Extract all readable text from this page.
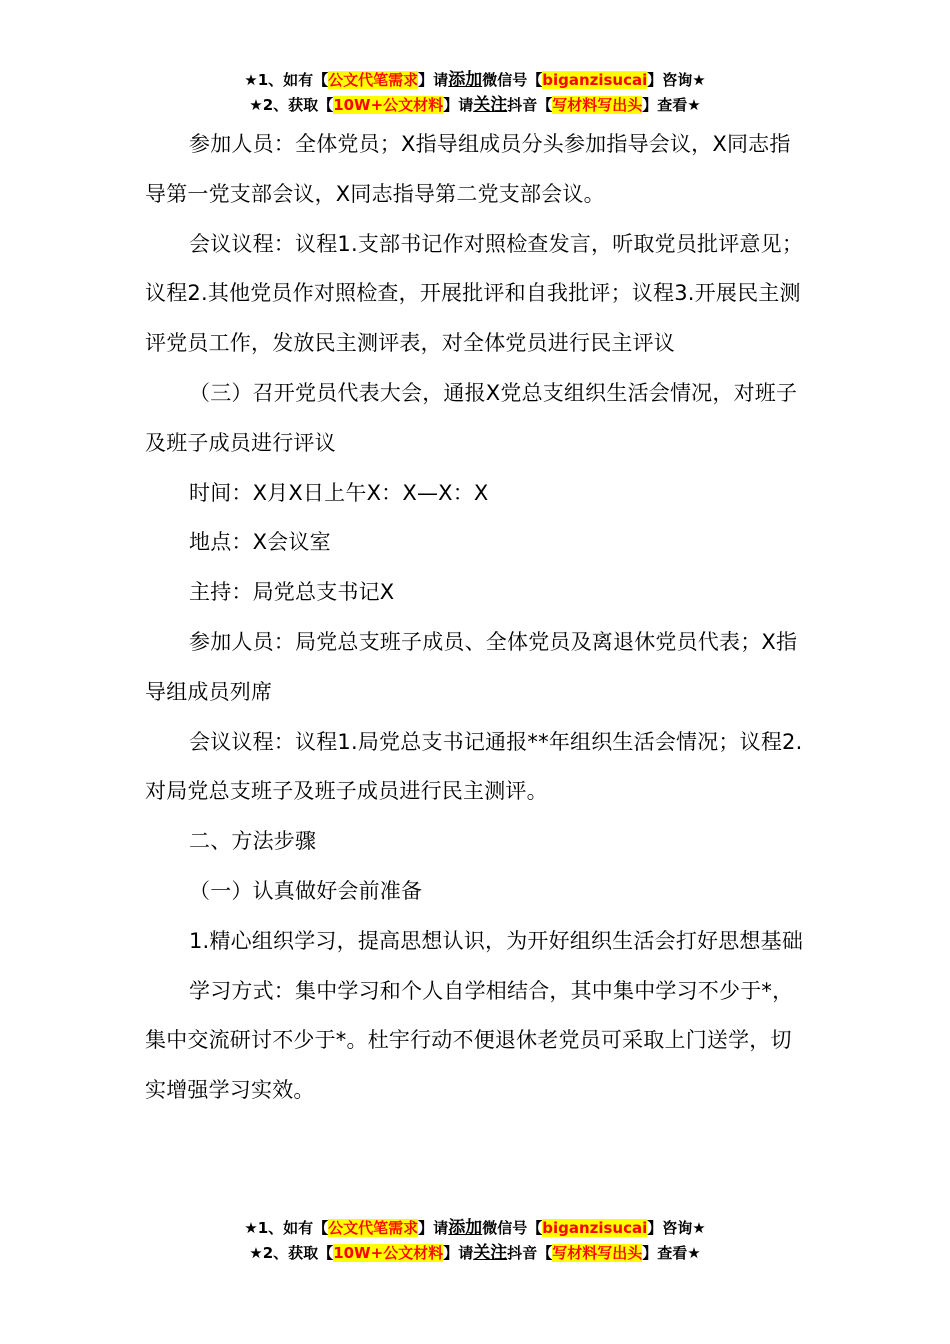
★1、如有【公文代笔需求】请添加微信号【biganzisucai】咨询★
★2、获取【10W+公文材料】请关注抖音【写材料写出头】查看★

参加人员：全体党员；X指导组成员分头参加指导会议，X同志指导第一党支部会议，X同志指导第二党支部会议。

会议议程：议程1.支部书记作对照检查发言，听取党员批评意见；议程2.其他党员作对照检查，开展批评和自我批评；议程3.开展民主测评党员工作，发放民主测评表，对全体党员进行民主评议

（三）召开党员代表大会，通报X党总支组织生活会情况，对班子及班子成员进行评议

时间：X月X日上午X：X—X：X

地点：X会议室

主持：局党总支书记X

参加人员：局党总支班子成员、全体党员及离退休党员代表；X指导组成员列席

会议议程：议程1.局党总支书记通报**年组织生活会情况；议程2.对局党总支班子及班子成员进行民主测评。

二、方法步骤

（一）认真做好会前准备

1.精心组织学习，提高思想认识，为开好组织生活会打好思想基础

学习方式：集中学习和个人自学相结合，其中集中学习不少于*，集中交流研讨不少于*。杜宇行动不便退休老党员可采取上门送学，切实增强学习实效。

★1、如有【公文代笔需求】请添加微信号【biganzisucai】咨询★
★2、获取【10W+公文材料】请关注抖音【写材料写出头】查看★
